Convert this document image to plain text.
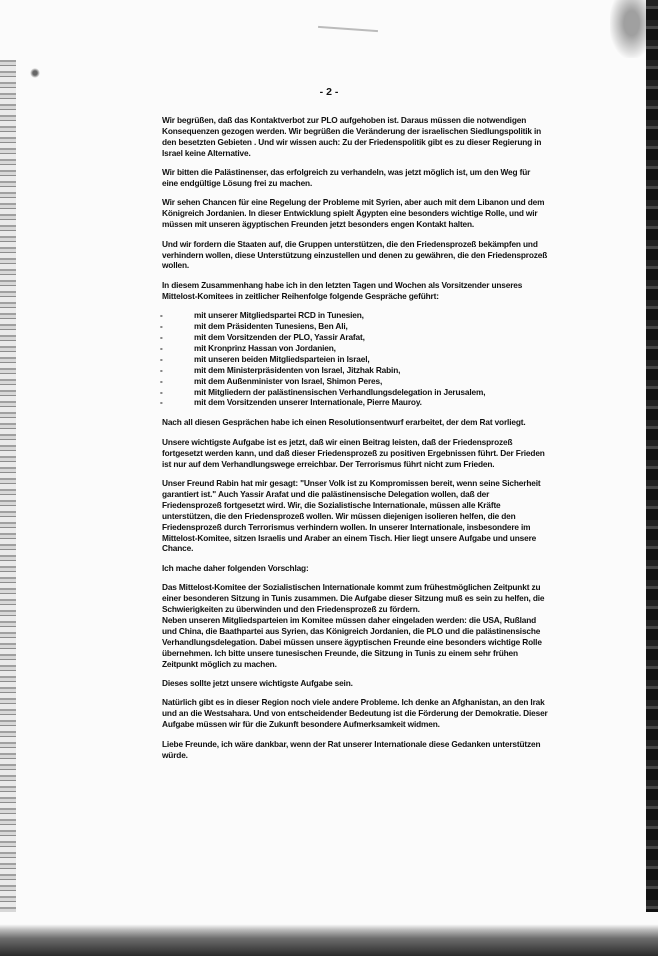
- 2 -

Wir begrüßen, daß das Kontaktverbot zur PLO aufgehoben ist. Daraus müssen die notwendigen Konsequenzen gezogen werden. Wir begrüßen die Veränderung der israelischen Siedlungspolitik in den besetzten Gebieten . Und wir wissen auch: Zu der Friedenspolitik gibt es zu dieser Regierung in Israel keine Alternative.

Wir bitten die Palästinenser, das erfolgreich zu verhandeln, was jetzt möglich ist, um den Weg für eine endgültige Lösung frei zu machen.

Wir sehen Chancen für eine Regelung der Probleme mit Syrien, aber auch mit dem Libanon und dem Königreich Jordanien. In dieser Entwicklung spielt Ägypten eine besonders wichtige Rolle, und wir müssen mit unseren ägyptischen Freunden jetzt besonders engen Kontakt halten.

Und wir fordern die Staaten auf, die Gruppen unterstützen, die den Friedensprozeß bekämpfen und verhindern wollen, diese Unterstützung einzustellen und denen zu gewähren, die den Friedensprozeß wollen.

In diesem Zusammenhang habe ich in den letzten Tagen und Wochen als Vorsitzender unseres Mittelost-Komitees in zeitlicher Reihenfolge folgende Gespräche geführt:

- mit unserer Mitgliedspartei RCD in Tunesien,
- mit dem Präsidenten Tunesiens, Ben Ali,
- mit dem Vorsitzenden der PLO, Yassir Arafat,
- mit Kronprinz Hassan von Jordanien,
- mit unseren beiden Mitgliedsparteien in Israel,
- mit dem Ministerpräsidenten von Israel, Jitzhak Rabin,
- mit dem Außenminister von Israel, Shimon Peres,
- mit Mitgliedern der palästinensischen Verhandlungsdelegation in Jerusalem,
- mit dem Vorsitzenden unserer Internationale, Pierre Mauroy.

Nach all diesen Gesprächen habe ich einen Resolutionsentwurf erarbeitet, der dem Rat vorliegt.

Unsere wichtigste Aufgabe ist es jetzt, daß wir einen Beitrag leisten, daß der Friedensprozeß fortgesetzt werden kann, und daß dieser Friedensprozeß zu positiven Ergebnissen führt. Der Frieden ist nur auf dem Verhandlungswege erreichbar. Der Terrorismus führt nicht zum Frieden.

Unser Freund Rabin hat mir gesagt: "Unser Volk ist zu Kompromissen bereit, wenn seine Sicherheit garantiert ist." Auch Yassir Arafat und die palästinensische Delegation wollen, daß der Friedensprozeß fortgesetzt wird. Wir, die Sozialistische Internationale, müssen alle Kräfte unterstützen, die den Friedensprozeß wollen. Wir müssen diejenigen isolieren helfen, die den Friedensprozeß durch Terrorismus verhindern wollen. In unserer Internationale, insbesondere im Mittelost-Komitee, sitzen Israelis und Araber an einem Tisch. Hier liegt unsere Aufgabe und unsere Chance.

Ich mache daher folgenden Vorschlag:

Das Mittelost-Komitee der Sozialistischen Internationale kommt zum frühestmöglichen Zeitpunkt zu einer besonderen Sitzung in Tunis zusammen. Die Aufgabe dieser Sitzung muß es sein zu helfen, die Schwierigkeiten zu überwinden und den Friedensprozeß zu fördern.

Neben unseren Mitgliedsparteien im Komitee müssen daher eingeladen werden: die USA, Rußland und China, die Baathpartei aus Syrien, das Königreich Jordanien, die PLO und die palästinensische Verhandlungsdelegation. Dabei müssen unsere ägyptischen Freunde eine besonders wichtige Rolle übernehmen. Ich bitte unsere tunesischen Freunde, die Sitzung in Tunis zu einem sehr frühen Zeitpunkt möglich zu machen.

Dieses sollte jetzt unsere wichtigste Aufgabe sein.

Natürlich gibt es in dieser Region noch viele andere Probleme. Ich denke an Afghanistan, an den Irak und an die Westsahara. Und von entscheidender Bedeutung ist die Förderung der Demokratie. Dieser Aufgabe müssen wir für die Zukunft besondere Aufmerksamkeit widmen.

Liebe Freunde, ich wäre dankbar, wenn der Rat unserer Internationale diese Gedanken unterstützen würde.
